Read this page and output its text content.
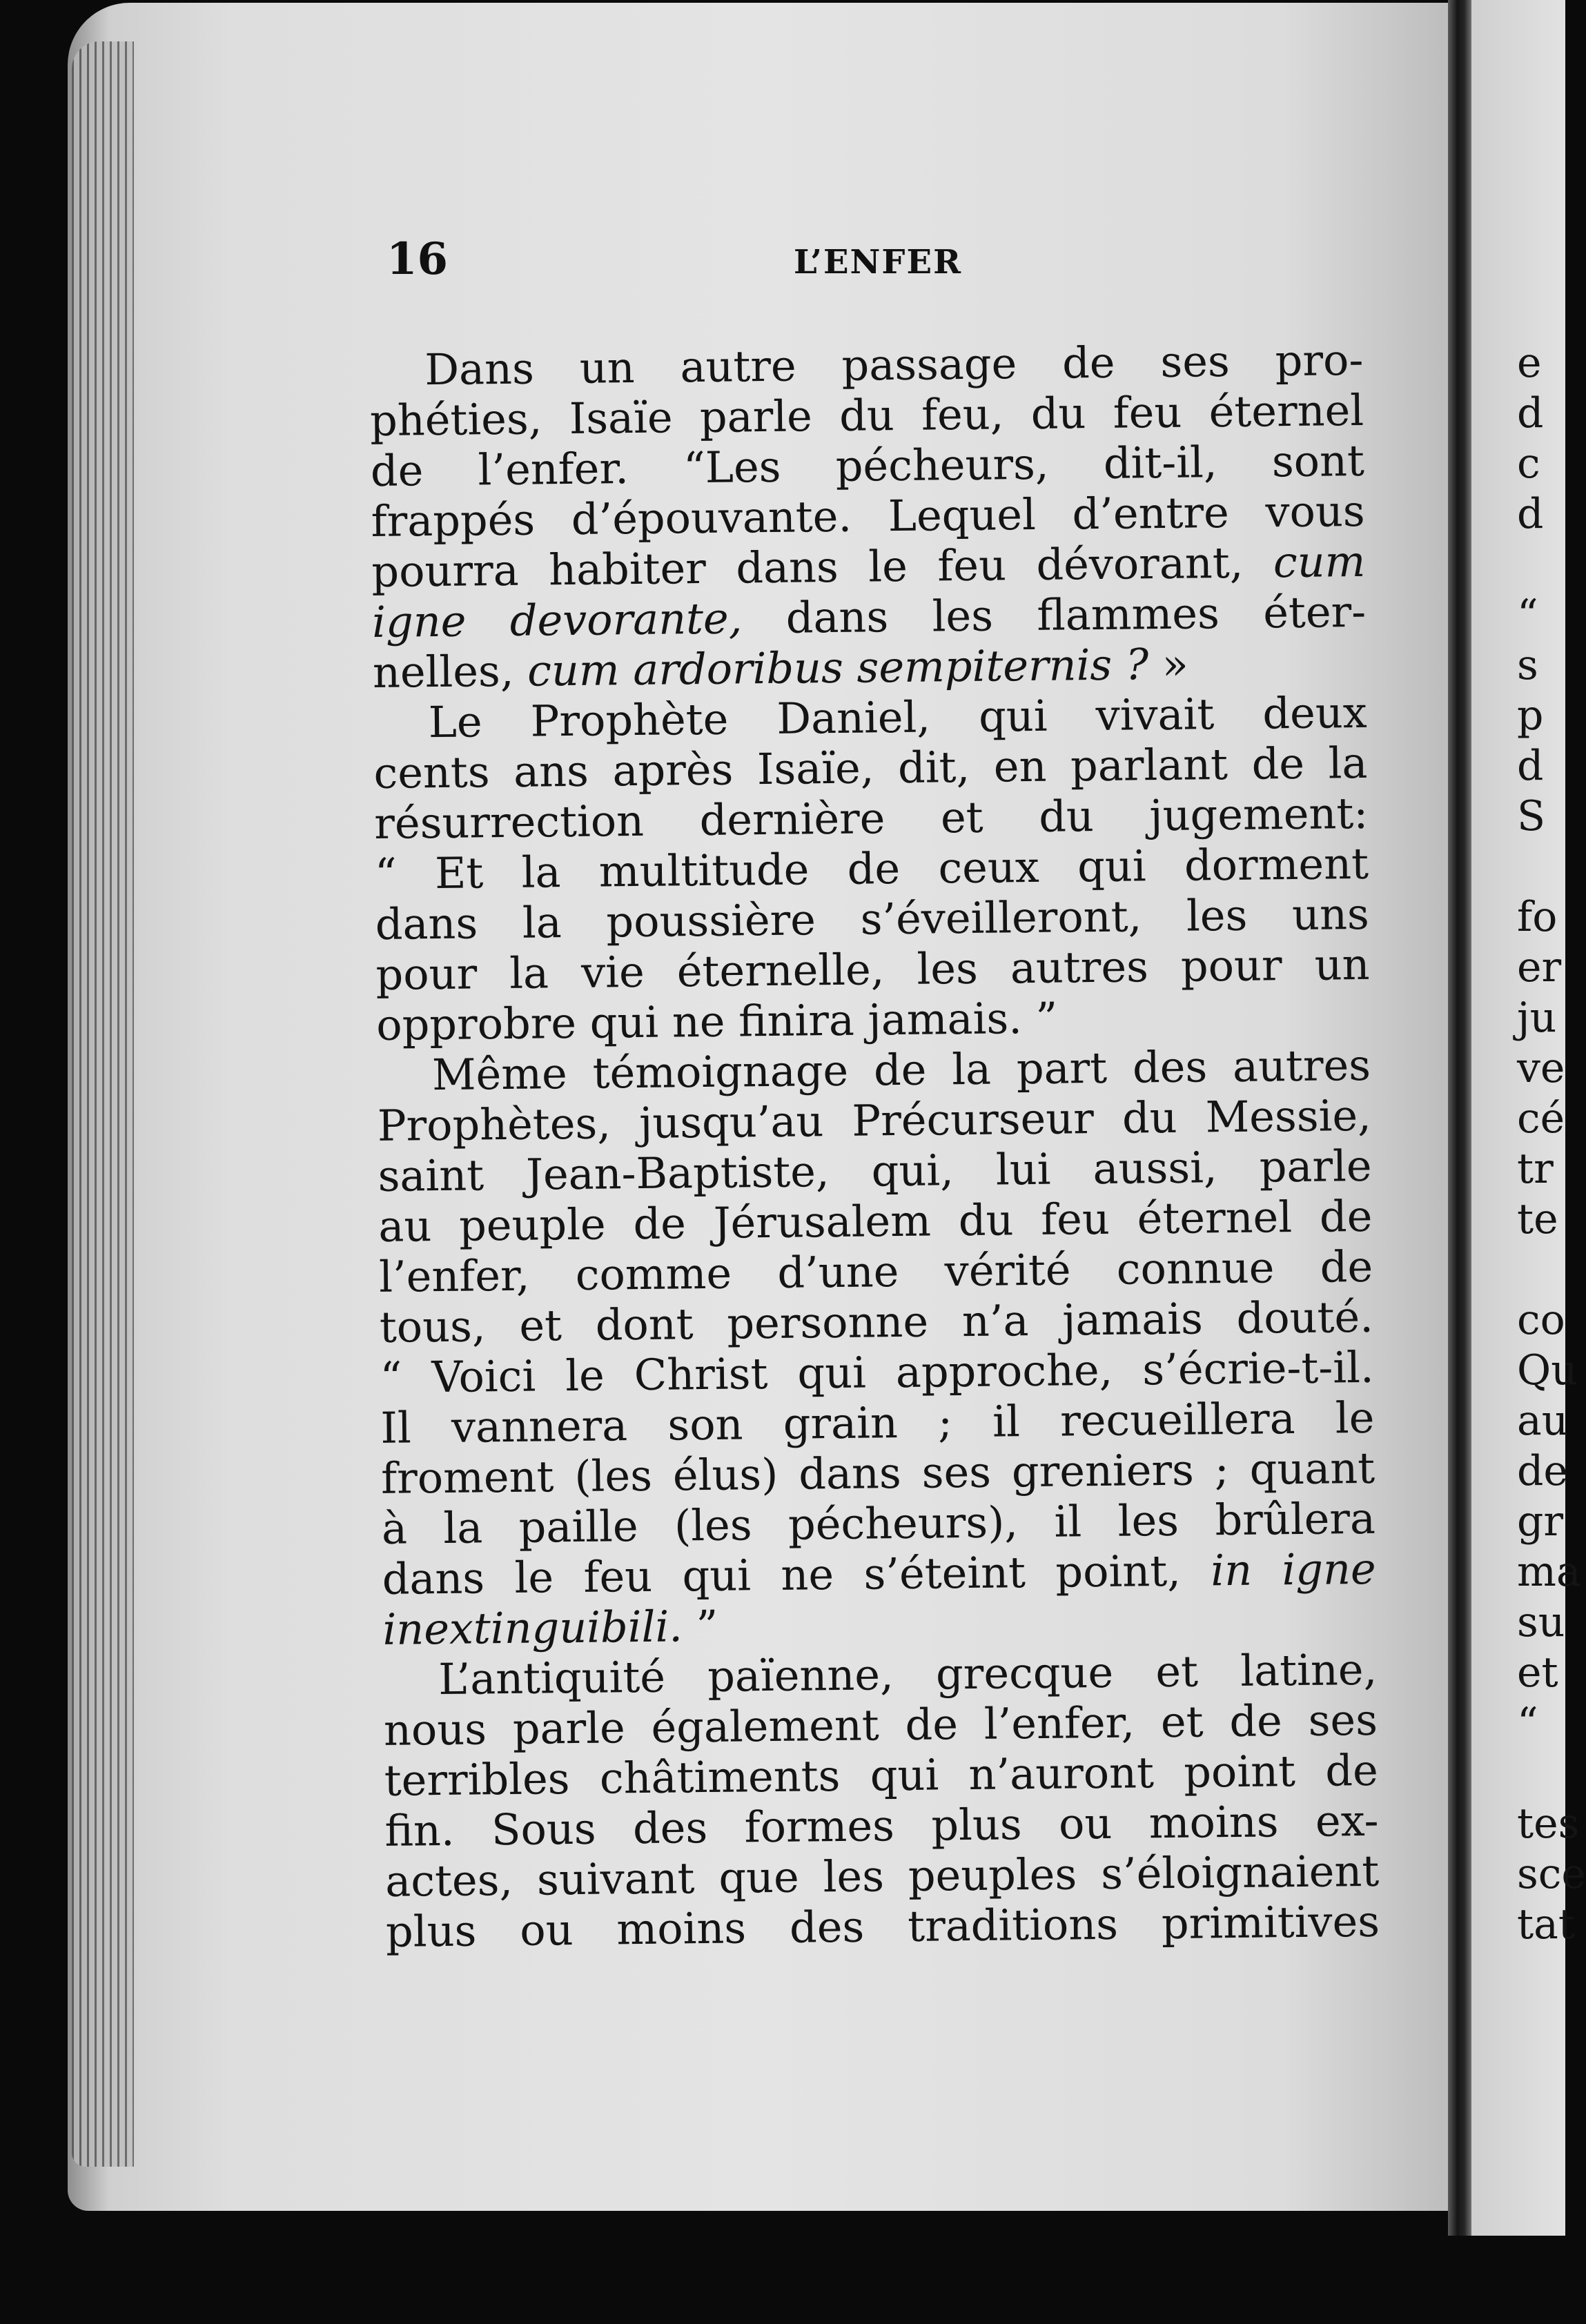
16	L’ENFER
Dans un autre passage de ses pro-
phéties, Isaïe parle du feu, du feu éternel
de l’enfer. “Les pécheurs, dit-il, sont
frappés d’épouvante. Lequel d’entre vous
pourra habiter dans le feu dévorant, cum
igne devorante, dans les flammes éter-
nelles, cum ardoribus sempiternis ? »
Le Prophète Daniel, qui vivait deux
cents ans après Isaïe, dit, en parlant de la
résurrection dernière et du jugement:
“ Et la multitude de ceux qui dorment
dans la poussière s’éveilleront, les uns
pour la vie éternelle, les autres pour un
opprobre qui ne finira jamais. ”
Même témoignage de la part des autres
Prophètes, jusqu’au Précurseur du Messie,
saint Jean-Baptiste, qui, lui aussi, parle
au peuple de Jérusalem du feu éternel de
l’enfer, comme d’une vérité connue de
tous, et dont personne n’a jamais douté.
“ Voici le Christ qui approche, s’écrie-t-il.
Il vannera son grain ; il recueillera le
froment (les élus) dans ses greniers ; quant
à la paille (les pécheurs), il les brûlera
dans le feu qui ne s’éteint point, in igne
inextinguibili. ”
L’antiquité païenne, grecque et latine,
nous parle également de l’enfer, et de ses
terribles châtiments qui n’auront point de
fin. Sous des formes plus ou moins ex-
actes, suivant que les peuples s’éloignaient
plus ou moins des traditions primitives
e
d
c
d
“
s
p
d
S
fo
er
ju
ve
cé
tr
te
co
Qu
au
de
gr
ma
su
et
“
tes
sce
tat
